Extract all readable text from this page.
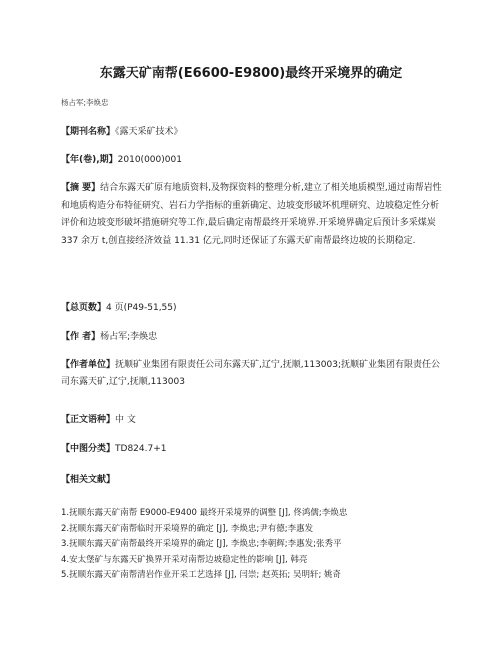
东露天矿南帮(E6600-E9800)最终开采境界的确定
杨占军;李焕忠
【期刊名称】《露天采矿技术》
【年(卷),期】2010(000)001
【摘 要】结合东露天矿原有地质资料,及物探资料的整理分析,建立了相关地质模型,通过南帮岩性和地质构造分布特征研究、岩石力学指标的重新确定、边坡变形破坏机理研究、边坡稳定性分析评价和边坡变形破坏措施研究等工作,最后确定南帮最终开采境界.开采境界确定后预计多采煤炭 337 余万 t,创直接经济效益 11.31 亿元,同时还保证了东露天矿南帮最终边坡的长期稳定.
【总页数】4 页(P49-51,55)
【作 者】杨占军;李焕忠
【作者单位】抚顺矿业集团有限责任公司东露天矿,辽宁,抚顺,113003;抚顺矿业集团有限责任公司东露天矿,辽宁,抚顺,113003
【正文语种】中 文
【中图分类】TD824.7+1
【相关文献】
1.抚顺东露天矿南帮 E9000-E9400 最终开采境界的调整 [J], 佟鸿儒;李焕忠
2.抚顺东露天矿南帮临时开采境界的确定 [J], 李焕忠;尹有德;李惠发
3.抚顺东露天矿南帮最终开采境界的确定 [J], 李焕忠;李朝辉;李惠发;张秀平
4.安太堡矿与东露天矿换界开采对南帮边坡稳定性的影响 [J], 韩亮
5.抚顺东露天矿南帮清岩作业开采工艺选择 [J], 闫崇; 赵英拓; 吴明轩; 姚奇
